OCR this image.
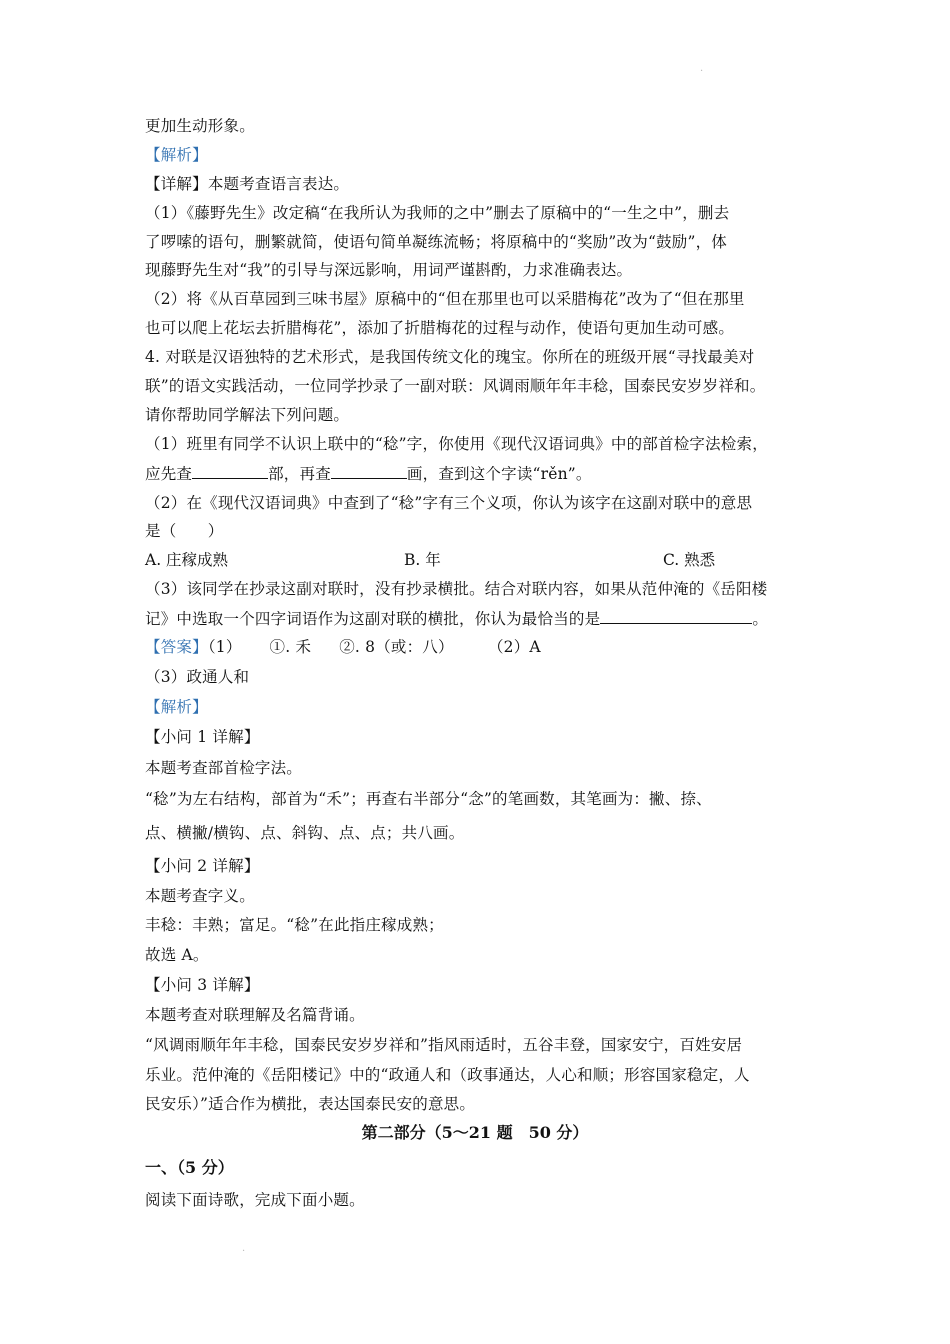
更加生动形象。
【解析】
【详解】本题考查语言表达。
（1）《藤野先生》改定稿“在我所认为我师的之中”删去了原稿中的“一生之中”，删去
了啰嗦的语句，删繁就简，使语句简单凝练流畅；将原稿中的“奖励”改为“鼓励”，体
现藤野先生对“我”的引导与深远影响，用词严谨斟酌，力求准确表达。
（2）将《从百草园到三味书屋》原稿中的“但在那里也可以采腊梅花”改为了“但在那里
也可以爬上花坛去折腊梅花”，添加了折腊梅花的过程与动作，使语句更加生动可感。
4. 对联是汉语独特的艺术形式，是我国传统文化的瑰宝。你所在的班级开展“寻找最美对
联”的语文实践活动，一位同学抄录了一副对联：风调雨顺年年丰稔，国泰民安岁岁祥和。
请你帮助同学解法下列问题。
（1）班里有同学不认识上联中的“稔”字，你使用《现代汉语词典》中的部首检字法检索，
应先查	部，再查	画，查到这个字读“rěn”。
（2）在《现代汉语词典》中查到了“稔”字有三个义项，你认为该字在这副对联中的意思
是（　　）
A. 庄稼成熟	B. 年	C. 熟悉
（3）该同学在抄录这副对联时，没有抄录横批。结合对联内容，如果从范仲淹的《岳阳楼
记》中选取一个四字词语作为这副对联的横批，你认为最恰当的是	。
【答案】（1） ①. 禾 ②. 8（或：八）	（2）A
（3）政通人和
【解析】
【小问 1 详解】
本题考查部首检字法。
“稔”为左右结构，部首为“禾”；再查右半部分“念”的笔画数，其笔画为：撇、捺、
点、横撇/横钩、点、斜钩、点、点；共八画。
【小问 2 详解】
本题考查字义。
丰稔：丰熟；富足。“稔”在此指庄稼成熟；
故选 A。
【小问 3 详解】
本题考查对联理解及名篇背诵。
“风调雨顺年年丰稔，国泰民安岁岁祥和”指风雨适时，五谷丰登，国家安宁，百姓安居
乐业。范仲淹的《岳阳楼记》中的“政通人和（政事通达，人心和顺；形容国家稳定，人
民安乐）”适合作为横批，表达国泰民安的意思。
第二部分（5～21 题　50 分）
一、（5 分）
阅读下面诗歌，完成下面小题。
·
·
